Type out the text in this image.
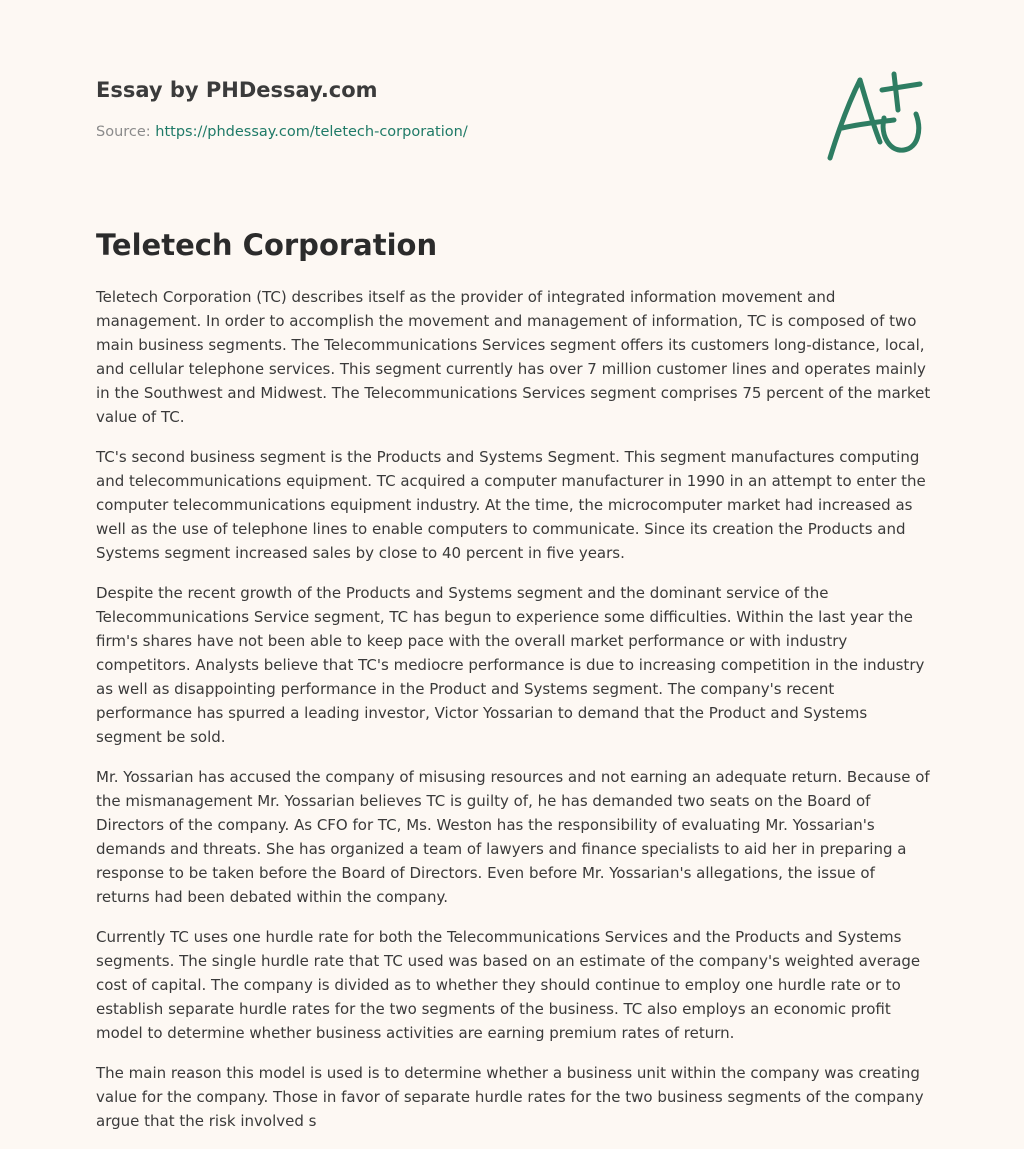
Essay by PHDessay.com
Source: https://phdessay.com/teletech-corporation/
Teletech Corporation

Teletech Corporation (TC) describes itself as the provider of integrated information movement and management. In order to accomplish the movement and management of information, TC is composed of two main business segments. The Telecommunications Services segment offers its customers long-distance, local, and cellular telephone services. This segment currently has over 7 million customer lines and operates mainly in the Southwest and Midwest. The Telecommunications Services segment comprises 75 percent of the market value of TC.

TC's second business segment is the Products and Systems Segment. This segment manufactures computing and telecommunications equipment. TC acquired a computer manufacturer in 1990 in an attempt to enter the computer telecommunications equipment industry. At the time, the microcomputer market had increased as well as the use of telephone lines to enable computers to communicate. Since its creation the Products and Systems segment increased sales by close to 40 percent in five years.

Despite the recent growth of the Products and Systems segment and the dominant service of the Telecommunications Service segment, TC has begun to experience some difficulties. Within the last year the firm's shares have not been able to keep pace with the overall market performance or with industry competitors. Analysts believe that TC's mediocre performance is due to increasing competition in the industry as well as disappointing performance in the Product and Systems segment. The company's recent performance has spurred a leading investor, Victor Yossarian to demand that the Product and Systems segment be sold.

Mr. Yossarian has accused the company of misusing resources and not earning an adequate return. Because of the mismanagement Mr. Yossarian believes TC is guilty of, he has demanded two seats on the Board of Directors of the company. As CFO for TC, Ms. Weston has the responsibility of evaluating Mr. Yossarian's demands and threats. She has organized a team of lawyers and finance specialists to aid her in preparing a response to be taken before the Board of Directors. Even before Mr. Yossarian's allegations, the issue of returns had been debated within the company.

Currently TC uses one hurdle rate for both the Telecommunications Services and the Products and Systems segments. The single hurdle rate that TC used was based on an estimate of the company's weighted average cost of capital. The company is divided as to whether they should continue to employ one hurdle rate or to establish separate hurdle rates for the two segments of the business. TC also employs an economic profit model to determine whether business activities are earning premium rates of return.

The main reason this model is used is to determine whether a business unit within the company was creating value for the company. Those in favor of separate hurdle rates for the two business segments of the company argue that the risk involved s
